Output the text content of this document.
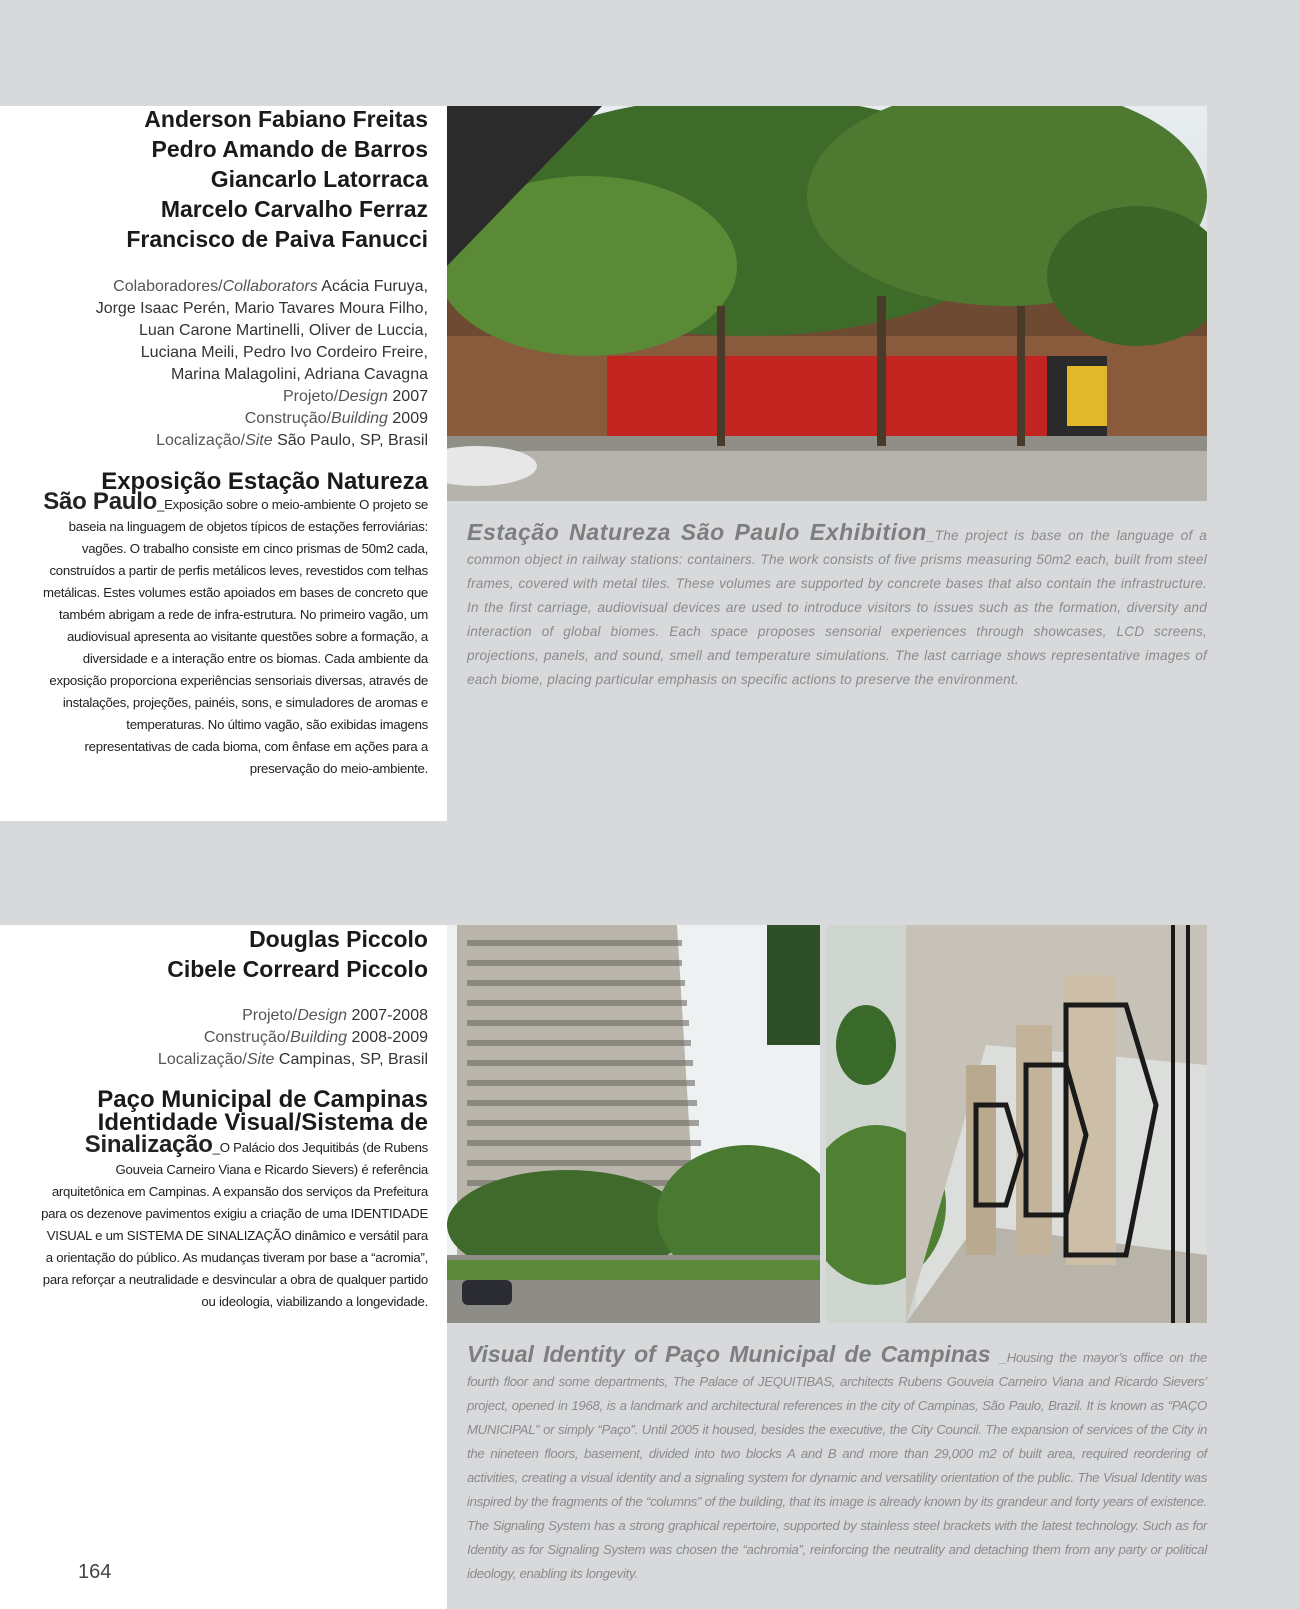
Anderson Fabiano Freitas
Pedro Amando de Barros
Giancarlo Latorraca
Marcelo Carvalho Ferraz
Francisco de Paiva Fanucci
Colaboradores/Collaborators Acácia Furuya,
Jorge Isaac Perén, Mario Tavares Moura Filho,
Luan Carone Martinelli, Oliver de Luccia,
Luciana Meili, Pedro Ivo Cordeiro Freire,
Marina Malagolini, Adriana Cavagna
Projeto/Design 2007
Construção/Building 2009
Localização/Site São Paulo, SP, Brasil
Exposição Estação Natureza
São Paulo_Exposição sobre o meio-ambiente O projeto se baseia na linguagem de objetos típicos de estações ferroviárias: vagões. O trabalho consiste em cinco prismas de 50m2 cada, construídos a partir de perfis metálicos leves, revestidos com telhas metálicas. Estes volumes estão apoiados em bases de concreto que também abrigam a rede de infra-estrutura. No primeiro vagão, um audiovisual apresenta ao visitante questões sobre a formação, a diversidade e a interação entre os biomas. Cada ambiente da exposição proporciona experiências sensoriais diversas, através de instalações, projeções, painéis, sons, e simuladores de aromas e temperaturas. No último vagão, são exibidas imagens representativas de cada bioma, com ênfase em ações para a preservação do meio-ambiente.
Estação Natureza São Paulo Exhibition_The project is base on the language of a common object in railway stations: containers. The work consists of five prisms measuring 50m2 each, built from steel frames, covered with metal tiles. These volumes are supported by concrete bases that also contain the infrastructure. In the first carriage, audiovisual devices are used to introduce visitors to issues such as the formation, diversity and interaction of global biomes. Each space proposes sensorial experiences through showcases, LCD screens, projections, panels, and sound, smell and temperature simulations. The last carriage shows representative images of each biome, placing particular emphasis on specific actions to preserve the environment.
Douglas Piccolo
Cibele Correard Piccolo
Projeto/Design 2007-2008
Construção/Building 2008-2009
Localização/Site Campinas, SP, Brasil
Paço Municipal de Campinas
Identidade Visual/Sistema de
Sinalização_O Palácio dos Jequitibás (de Rubens Gouveia Carneiro Viana e Ricardo Sievers) é referência arquitetônica em Campinas. A expansão dos serviços da Prefeitura para os dezenove pavimentos exigiu a criação de uma IDENTIDADE VISUAL e um SISTEMA DE SINALIZAÇÃO dinâmico e versátil para a orientação do público. As mudanças tiveram por base a “acromia”, para reforçar a neutralidade e desvincular a obra de qualquer partido ou ideologia, viabilizando a longevidade.
Visual Identity of Paço Municipal de Campinas _Housing the mayor’s office on the fourth floor and some departments, The Palace of JEQUITIBAS, architects Rubens Gouveia Carneiro Viana and Ricardo Sievers’ project, opened in 1968, is a landmark and architectural references in the city of Campinas, São Paulo, Brazil. It is known as “PAÇO MUNICIPAL” or simply “Paço”. Until 2005 it housed, besides the executive, the City Council. The expansion of services of the City in the nineteen floors, basement, divided into two blocks A and B and more than 29,000 m2 of built area, required reordering of activities, creating a visual identity and a signaling system for dynamic and versatility orientation of the public. The Visual Identity was inspired by the fragments of the “columns” of the building, that its image is already known by its grandeur and forty years of existence. The Signaling System has a strong graphical repertoire, supported by stainless steel brackets with the latest technology. Such as for Identity as for Signaling System was chosen the “achromia”, reinforcing the neutrality and detaching them from any party or political ideology, enabling its longevity.
164
